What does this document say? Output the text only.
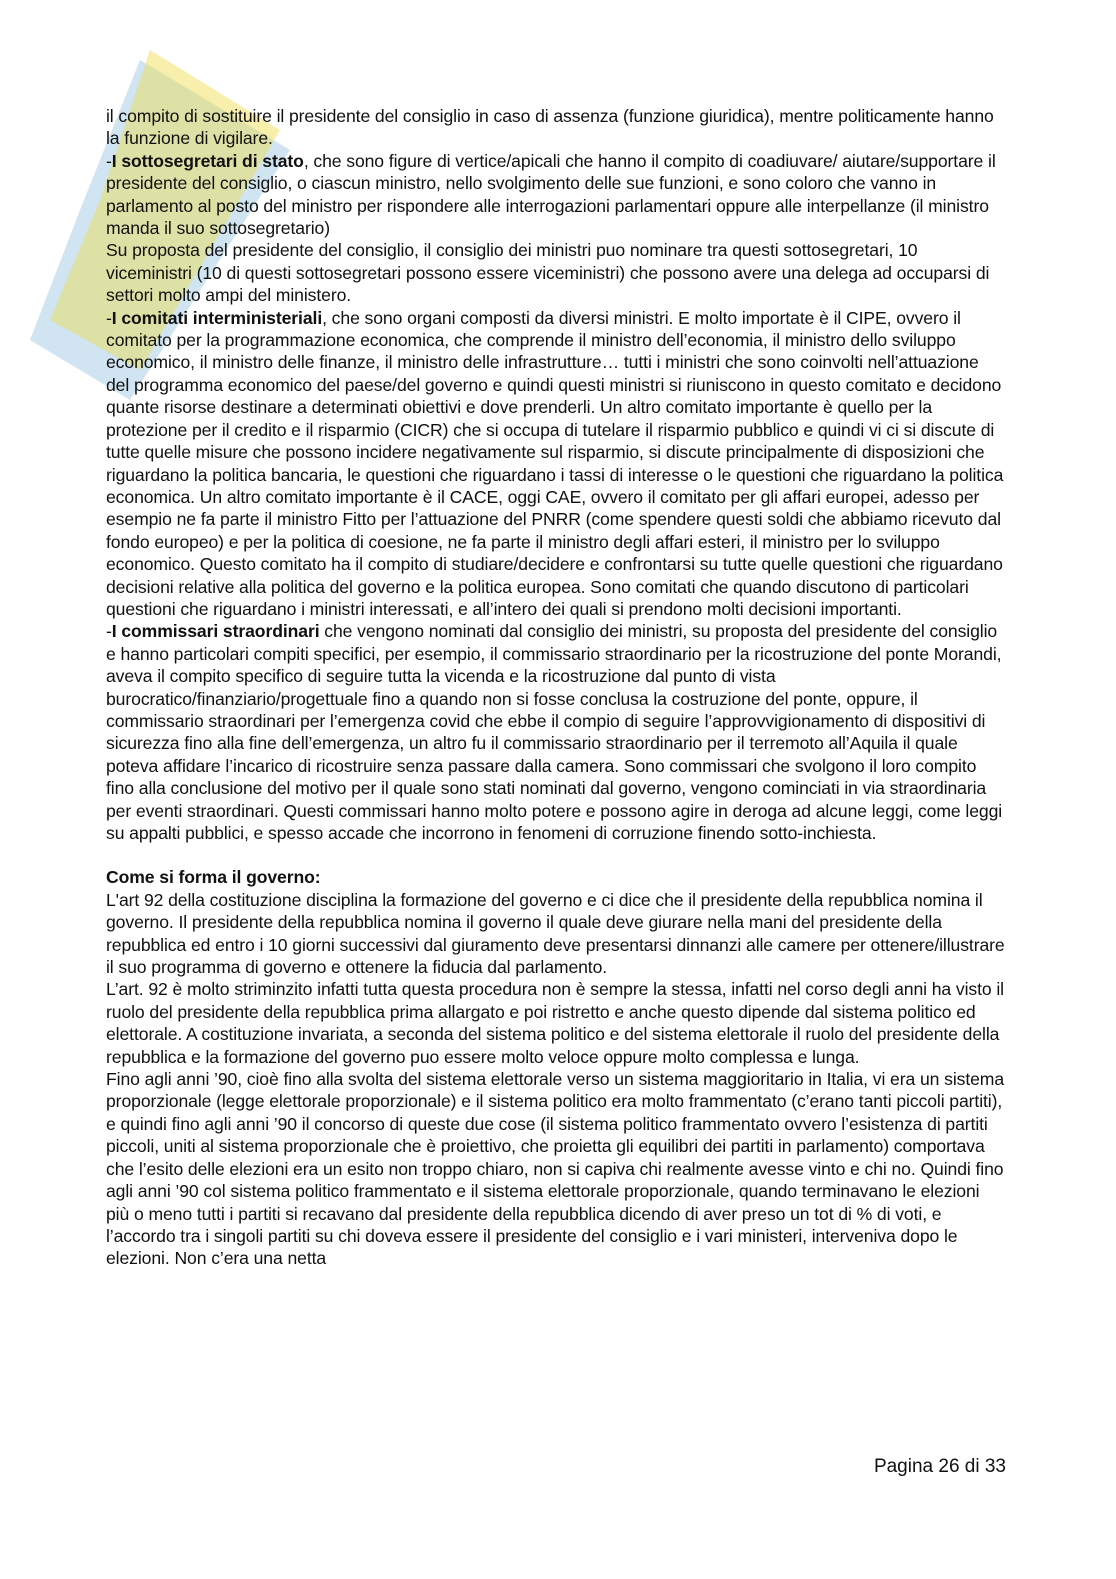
il compito di sostituire il presidente del consiglio in caso di assenza (funzione giuridica), mentre politicamente hanno la funzione di vigilare.

-I sottosegretari di stato, che sono figure di vertice/apicali che hanno il compito di coadiuvare/ aiutare/supportare il presidente del consiglio, o ciascun ministro, nello svolgimento delle sue funzioni, e sono coloro che vanno in parlamento al posto del ministro per rispondere alle interrogazioni parlamentari oppure alle interpellanze (il ministro manda il suo sottosegretario)

Su proposta del presidente del consiglio, il consiglio dei ministri puo nominare tra questi sottosegretari, 10 viceministri (10 di questi sottosegretari possono essere viceministri) che possono avere una delega ad occuparsi di settori molto ampi del ministero.

-I comitati interministeriali, che sono organi composti da diversi ministri. E molto importate è il CIPE, ovvero il comitato per la programmazione economica, che comprende il ministro dell’economia, il ministro dello sviluppo economico, il ministro delle finanze, il ministro delle infrastrutture… tutti i ministri che sono coinvolti nell’attuazione del programma economico del paese/del governo e quindi questi ministri si riuniscono in questo comitato e decidono quante risorse destinare a determinati obiettivi e dove prenderli. Un altro comitato importante è quello per la protezione per il credito e il risparmio (CICR) che si occupa di tutelare il risparmio pubblico e quindi vi ci si discute di tutte quelle misure che possono incidere negativamente sul risparmio, si discute principalmente di disposizioni che riguardano la politica bancaria, le questioni che riguardano i tassi di interesse o le questioni che riguardano la politica economica. Un altro comitato importante è il CACE, oggi CAE, ovvero il comitato per gli affari europei, adesso per esempio ne fa parte il ministro Fitto per l’attuazione del PNRR (come spendere questi soldi che abbiamo ricevuto dal fondo europeo) e per la politica di coesione, ne fa parte il ministro degli affari esteri, il ministro per lo sviluppo economico. Questo comitato ha il compito di studiare/decidere e confrontarsi su tutte quelle questioni che riguardano decisioni relative alla politica del governo e la politica europea. Sono comitati che quando discutono di particolari questioni che riguardano i ministri interessati, e all’intero dei quali si prendono molti decisioni importanti.

-I commissari straordinari che vengono nominati dal consiglio dei ministri, su proposta del presidente del consiglio e hanno particolari compiti specifici, per esempio, il commissario straordinario per la ricostruzione del ponte Morandi, aveva il compito specifico di seguire tutta la vicenda e la ricostruzione dal punto di vista burocratico/finanziario/progettuale fino a quando non si fosse conclusa la costruzione del ponte, oppure, il commissario straordinari per l’emergenza covid che ebbe il compio di seguire l’approvvigionamento di dispositivi di sicurezza fino alla fine dell’emergenza, un altro fu il commissario straordinario per il terremoto all’Aquila il quale poteva affidare l’incarico di ricostruire senza passare dalla camera. Sono commissari che svolgono il loro compito fino alla conclusione del motivo per il quale sono stati nominati dal governo, vengono cominciati in via straordinaria per eventi straordinari. Questi commissari hanno molto potere e possono agire in deroga ad alcune leggi, come leggi su appalti pubblici, e spesso accade che incorrono in fenomeni di corruzione finendo sotto-inchiesta.

Come si forma il governo:

L'art 92 della costituzione disciplina la formazione del governo e ci dice che il presidente della repubblica nomina il governo. Il presidente della repubblica nomina il governo il quale deve giurare nella mani del presidente della repubblica ed entro i 10 giorni successivi dal giuramento deve presentarsi dinnanzi alle camere per ottenere/illustrare il suo programma di governo e ottenere la fiducia dal parlamento.

L’art. 92 è molto striminzito infatti tutta questa procedura non è sempre la stessa, infatti nel corso degli anni ha visto il ruolo del presidente della repubblica prima allargato e poi ristretto e anche questo dipende dal sistema politico ed elettorale. A costituzione invariata, a seconda del sistema politico e del sistema elettorale il ruolo del presidente della repubblica e la formazione del governo puo essere molto veloce oppure molto complessa e lunga.

Fino agli anni ’90, cioè fino alla svolta del sistema elettorale verso un sistema maggioritario in Italia, vi era un sistema proporzionale (legge elettorale proporzionale) e il sistema politico era molto frammentato (c’erano tanti piccoli partiti), e quindi fino agli anni ’90 il concorso di queste due cose (il sistema politico frammentato ovvero l’esistenza di partiti piccoli, uniti al sistema proporzionale che è proiettivo, che proietta gli equilibri dei partiti in parlamento) comportava che l’esito delle elezioni era un esito non troppo chiaro, non si capiva chi realmente avesse vinto e chi no. Quindi fino agli anni ’90 col sistema politico frammentato e il sistema elettorale proporzionale, quando terminavano le elezioni più o meno tutti i partiti si recavano dal presidente della repubblica dicendo di aver preso un tot di % di voti, e l’accordo tra i singoli partiti su chi doveva essere il presidente del consiglio e i vari ministeri, interveniva dopo le elezioni. Non c’era una netta

Pagina 26 di 33
